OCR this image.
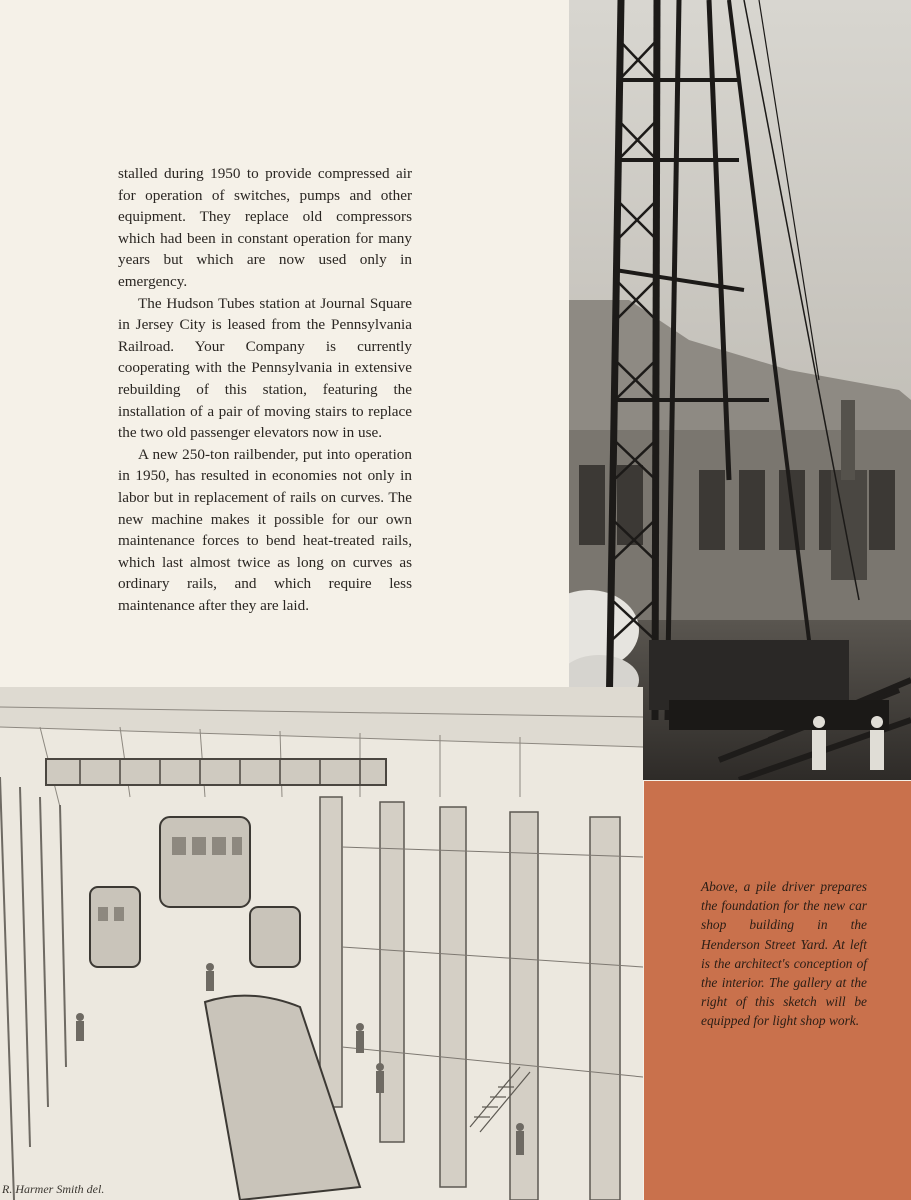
stalled during 1950 to provide compressed air for operation of switches, pumps and other equipment. They replace old compressors which had been in constant operation for many years but which are now used only in emergency.

The Hudson Tubes station at Journal Square in Jersey City is leased from the Pennsylvania Railroad. Your Company is currently cooperating with the Pennsylvania in extensive rebuilding of this station, featuring the installation of a pair of moving stairs to replace the two old passenger elevators now in use.

A new 250-ton railbender, put into operation in 1950, has resulted in economies not only in labor but in replacement of rails on curves. The new machine makes it possible for our own maintenance forces to bend heat-treated rails, which last almost twice as long on curves as ordinary rails, and which require less maintenance after they are laid.

R. Harmer Smith del.
Above, a pile driver prepares the foundation for the new car shop building in the Henderson Street Yard. At left is the architect's conception of the interior. The gallery at the right of this sketch will be equipped for light shop work.
